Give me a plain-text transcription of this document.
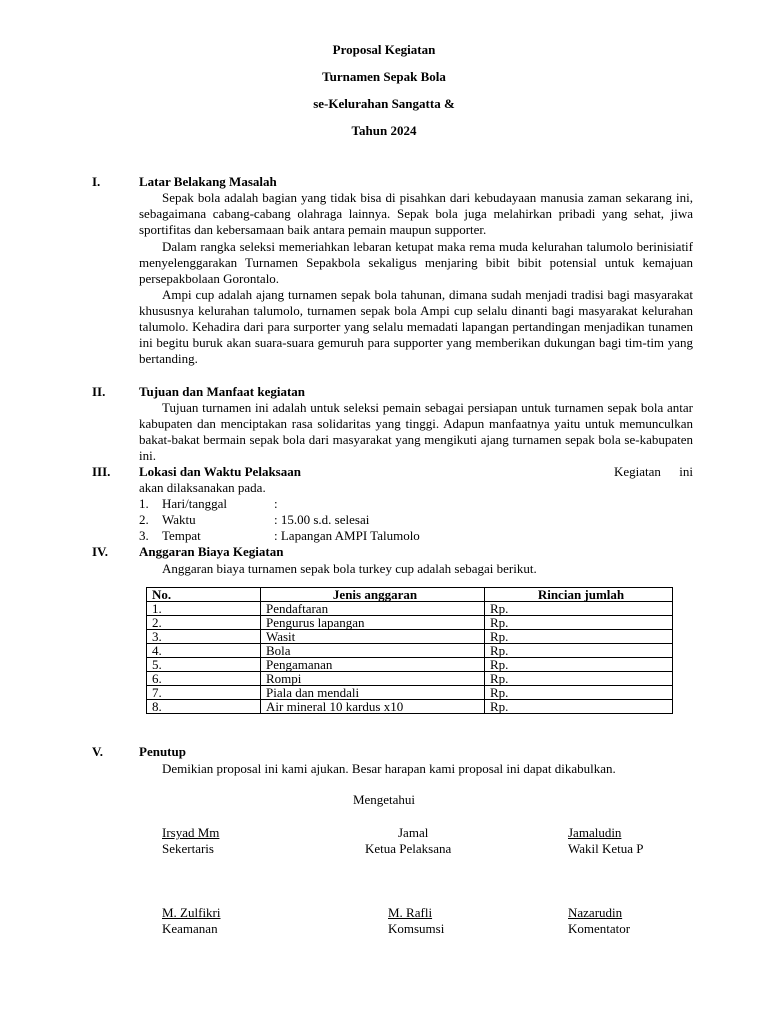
Proposal Kegiatan
Turnamen Sepak Bola
se-Kelurahan Sangatta &
Tahun 2024
I.	Latar Belakang Masalah
Sepak bola adalah bagian yang tidak bisa di pisahkan dari kebudayaan manusia zaman sekarang ini, sebagaimana cabang-cabang olahraga lainnya. Sepak bola juga melahirkan pribadi yang sehat, jiwa sportifitas dan kebersamaan baik antara pemain maupun supporter.
Dalam rangka seleksi memeriahkan lebaran ketupat maka rema muda kelurahan talumolo berinisiatif menyelenggarakan Turnamen Sepakbola sekaligus menjaring bibit bibit potensial untuk kemajuan persepakbolaan Gorontalo.
Ampi cup adalah ajang turnamen sepak bola tahunan, dimana sudah menjadi tradisi bagi masyarakat khususnya kelurahan talumolo, turnamen sepak bola Ampi cup selalu dinanti bagi masyarakat kelurahan talumolo. Kehadira dari para surporter yang selalu memadati lapangan pertandingan menjadikan tunamen ini begitu buruk akan suara-suara gemuruh para supporter yang memberikan dukungan bagi tim-tim yang bertanding.
II.	Tujuan dan Manfaat kegiatan
Tujuan turnamen ini adalah untuk seleksi pemain sebagai persiapan untuk turnamen sepak bola antar kabupaten dan menciptakan rasa solidaritas yang tinggi. Adapun manfaatnya yaitu untuk memunculkan bakat-bakat bermain sepak bola dari masyarakat yang mengikuti ajang turnamen sepak bola se-kabupaten ini.
III. Lokasi dan Waktu Pelaksaan	Kegiatan ini
akan dilaksanakan pada.
1. Hari/tanggal	:
2. Waktu	: 15.00 s.d. selesai
3. Tempat	: Lapangan AMPI Talumolo
IV. Anggaran Biaya Kegiatan
Anggaran biaya turnamen sepak bola turkey cup adalah sebagai berikut.
No.	Jenis anggaran	Rincian jumlah
1.	Pendaftaran	Rp.
2.	Pengurus lapangan	Rp.
3.	Wasit	Rp.
4.	Bola	Rp.
5.	Pengamanan	Rp.
6.	Rompi	Rp.
7.	Piala dan mendali	Rp.
8.	Air mineral 10 kardus x10	Rp.
V.	Penutup
Demikian proposal ini kami ajukan. Besar harapan kami proposal ini dapat dikabulkan.
Mengetahui
Irsyad Mm
Sekertaris
Jamal
Ketua Pelaksana
Jamaludin
Wakil Ketua P
M. Zulfikri
Keamanan
M. Rafli
Komsumsi
Nazarudin
Komentator
